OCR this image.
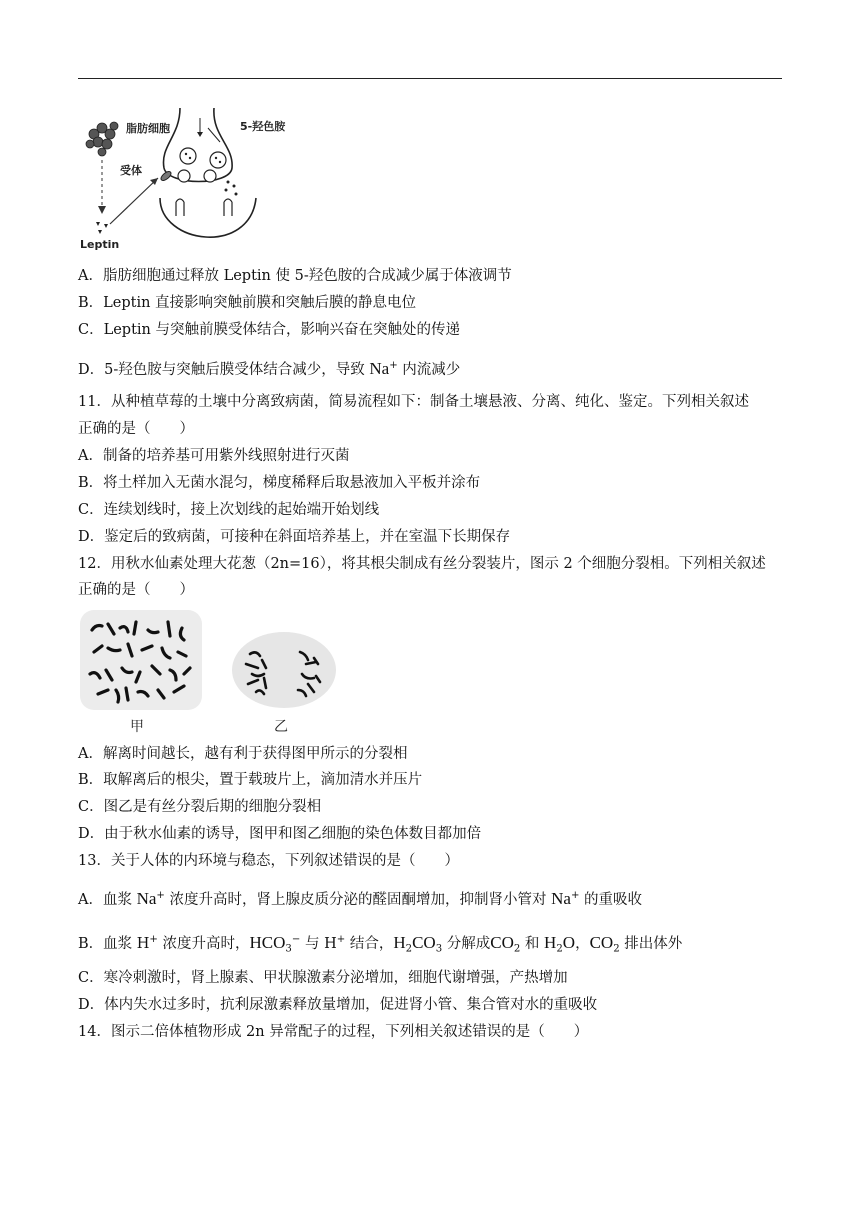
脂肪细胞	5-羟色胺
受体
Leptin
A．脂肪细胞通过释放 Leptin 使 5-羟色胺的合成减少属于体液调节
B．Leptin 直接影响突触前膜和突触后膜的静息电位
C．Leptin 与突触前膜受体结合，影响兴奋在突触处的传递
D．5-羟色胺与突触后膜受体结合减少，导致 Na+ 内流减少
11．从种植草莓的土壤中分离致病菌，简易流程如下：制备土壤悬液、分离、纯化、鉴定。下列相关叙述
正确的是（　　）
A．制备的培养基可用紫外线照射进行灭菌
B．将土样加入无菌水混匀，梯度稀释后取悬液加入平板并涂布
C．连续划线时，接上次划线的起始端开始划线
D．鉴定后的致病菌，可接种在斜面培养基上，并在室温下长期保存
12．用秋水仙素处理大花葱（2n=16），将其根尖制成有丝分裂装片，图示 2 个细胞分裂相。下列相关叙述
正确的是（　　）
甲	乙
A．解离时间越长，越有利于获得图甲所示的分裂相
B．取解离后的根尖，置于载玻片上，滴加清水并压片
C．图乙是有丝分裂后期的细胞分裂相
D．由于秋水仙素的诱导，图甲和图乙细胞的染色体数目都加倍
13．关于人体的内环境与稳态，下列叙述错误的是（　　）
A．血浆 Na+ 浓度升高时，肾上腺皮质分泌的醛固酮增加，抑制肾小管对 Na+ 的重吸收
B．血浆 H+ 浓度升高时，$HCO_3^-$ 与 H+ 结合，$H_2CO_3$ 分解成$CO_2$ 和 $H_2O$，$CO_2$ 排出体外
C．寒冷刺激时，肾上腺素、甲状腺激素分泌增加，细胞代谢增强，产热增加
D．体内失水过多时，抗利尿激素释放量增加，促进肾小管、集合管对水的重吸收
14．图示二倍体植物形成 2n 异常配子的过程，下列相关叙述错误的是（　　）
